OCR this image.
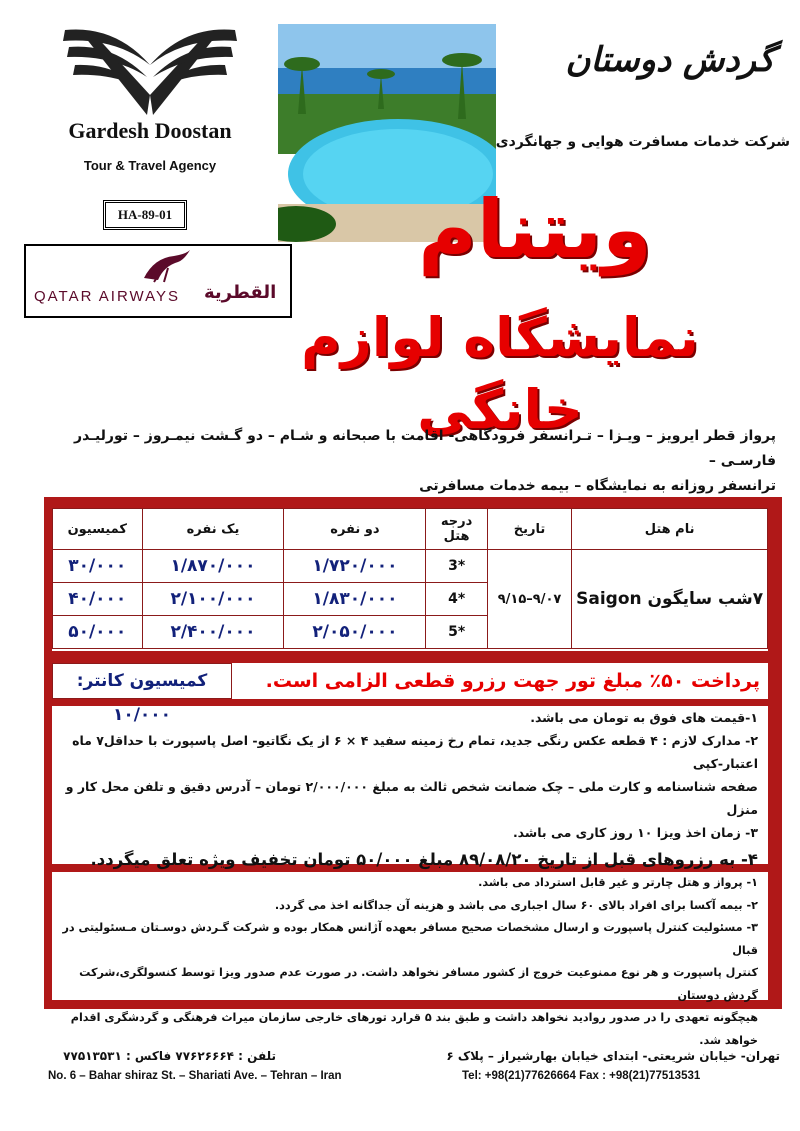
Gardesh Doostan
Tour & Travel Agency
HA-89-01
QATAR AIRWAYS القطرية
گردش دوستان
شرکت خدمات مسافرت هوایی و جهانگردی
ویتنام
نمایشگاه لوازم خانگی
پرواز قطر ایرویز – ویـزا – تـرانسفر فرودگاهی- اقامت با صبحانه و شـام – دو گـشت نیمـروز – تورلیـدر فارسـی –
ترانسفر روزانه به نمایشگاه – بیمه خدمات مسافرتی
نام هتل	تاریخ	درجه هتل	دو نفره	یک نفره	کمیسیون
۷شب سایگون Saigon	۹/۰۷–۹/۱۵	3*	۱/۷۲۰/۰۰۰	۱/۸۷۰/۰۰۰	۳۰/۰۰۰
		4*	۱/۸۳۰/۰۰۰	۲/۱۰۰/۰۰۰	۴۰/۰۰۰
		5*	۲/۰۵۰/۰۰۰	۲/۴۰۰/۰۰۰	۵۰/۰۰۰
پرداخت ۵۰٪ مبلغ تور جهت رزرو قطعی الزامی است.
کمیسیون کانتر: ۱۰/۰۰۰	۱-قیمت های فوق به تومان می باشد.

۲- مدارک لازم : ۴ قطعه عکس رنگی جدید، تمام رخ زمینه سفید ۴ × ۶ از یک نگاتیو- اصل پاسپورت با حداقل۷ ماه اعتبار-کپی

صفحه شناسنامه و کارت ملی – چک ضمانت شخص ثالث به مبلغ ۲/۰۰۰/۰۰۰ تومان – آدرس دقیق و تلفن محل کار و منزل

۳- زمان اخذ ویزا ۱۰ روز کاری می باشد.

۴- به رزروهای قبل از تاریخ ۸۹/۰۸/۲۰ مبلغ ۵۰/۰۰۰ تومان تخفیف ویژه تعلق میگردد.

۱- پرواز و هتل چارتر و غیر قابل استرداد می باشد.

۲- بیمه آکسا برای افراد بالای ۶۰ سال اجباری می باشد و هزینه آن جداگانه اخذ می گردد.

۳- مسئولیت کنترل پاسپورت و ارسال مشخصات صحیح مسافر بعهده آژانس همکار بوده و شرکت گـردش دوسـتان مـسئولیتی در قبال

کنترل پاسپورت و هر نوع ممنوعیت خروج از کشور مسافر نخواهد داشت. در صورت عدم صدور ویزا توسط کنسولگری،شرکت گردش دوستان

هیچگونه تعهدی را در صدور روادید نخواهد داشت و طبق بند ۵ قرارد تورهای خارجی سازمان میراث فرهنگی و گردشگری اقدام خواهد شد.

تهران- خیابان شریعتی- ابتدای خیابان بهارشیراز – پلاک ۶
تلفن : ۷۷۶۲۶۶۶۴ فاکس : ۷۷۵۱۳۵۳۱
No. 6 – Bahar shiraz St. – Shariati Ave. – Tehran – Iran	Tel: +98(21)77626664 Fax : +98(21)77513531
